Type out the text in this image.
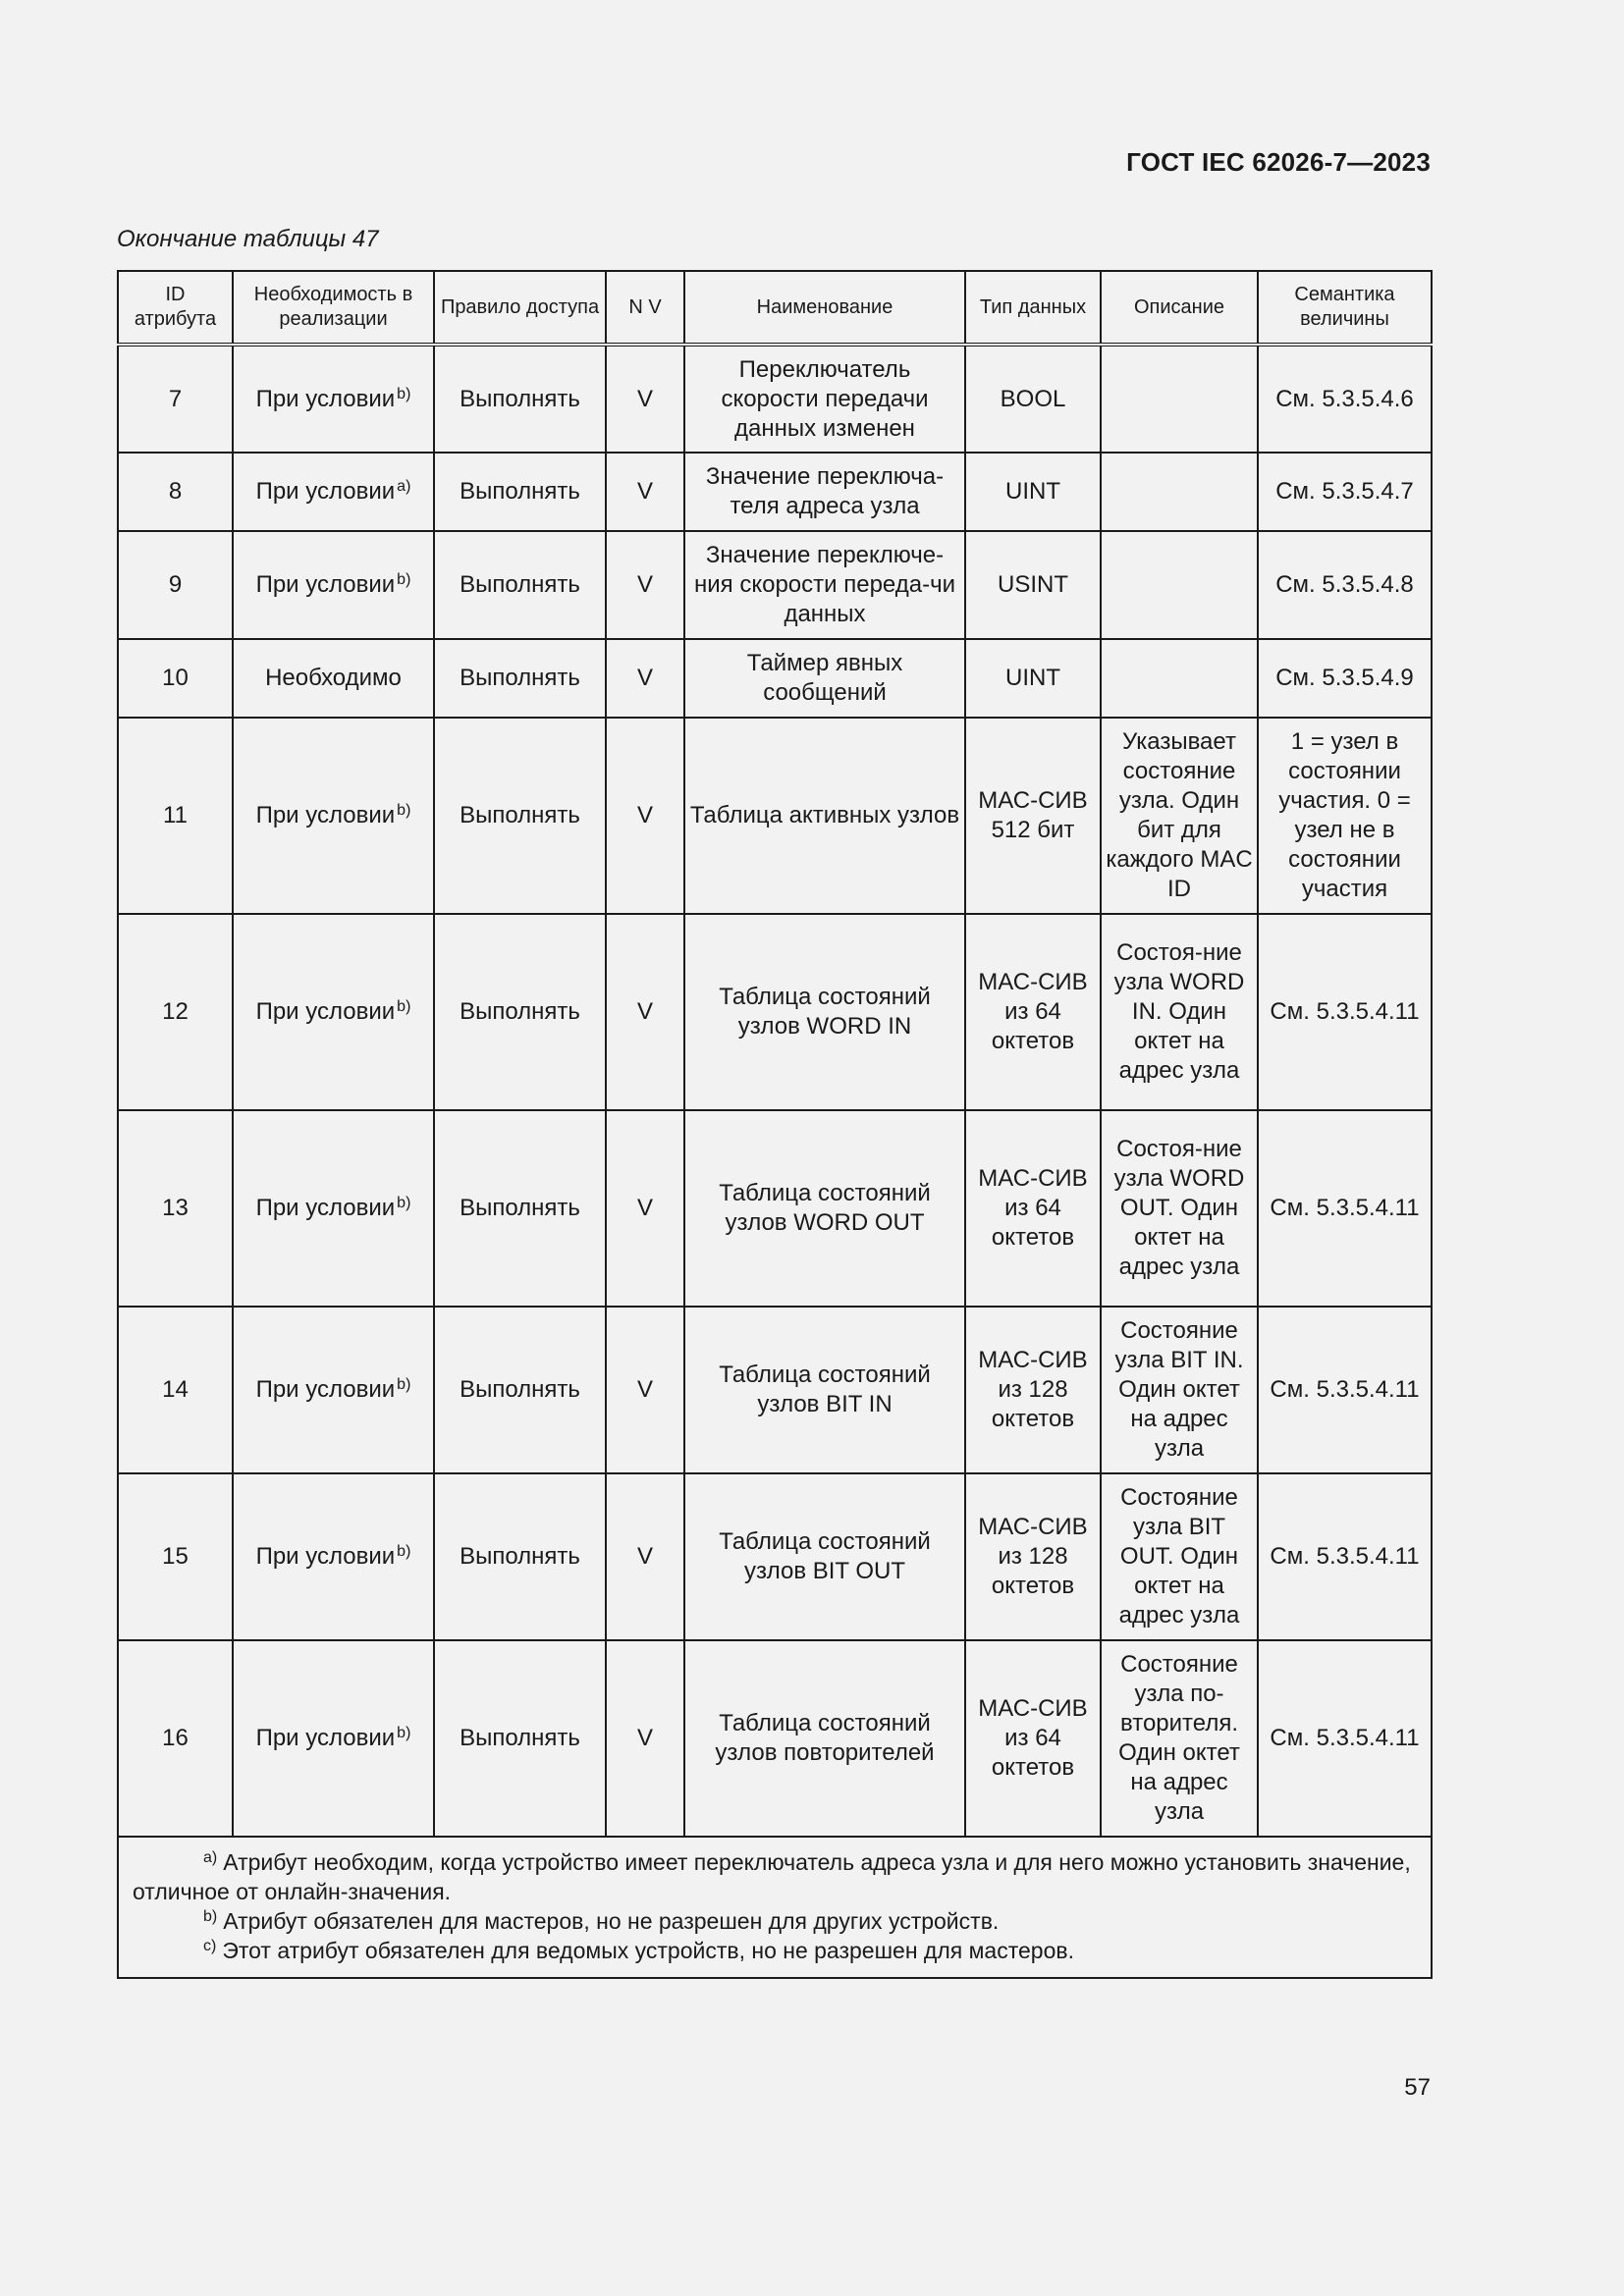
ГОСТ IEC 62026-7—2023
Окончание таблицы 47
ID атрибута	Необходимость в реализации	Правило доступа	N V	Наименование	Тип данных	Описание	Семантика величины
7	При условии $^{b)}$	Выполнять	V	Переключатель скорости передачи данных изменен	BOOL		См. 5.3.5.4.6
8	При условии $^{a)}$	Выполнять	V	Значение переключа-теля адреса узла	UINT		См. 5.3.5.4.7
9	При условии $^{b)}$	Выполнять	V	Значение переключе-ния скорости переда-чи данных	USINT		См. 5.3.5.4.8
10	Необходимо	Выполнять	V	Таймер явных сообщений	UINT		См. 5.3.5.4.9
11	При условии $^{b)}$	Выполнять	V	Таблица активных узлов	МАС-СИВ 512 бит	Указывает состояние узла. Один бит для каждого MAC ID	1 = узел в состоянии участия. 0 = узел не в состоянии участия
12	При условии $^{b)}$	Выполнять	V	Таблица состояний узлов WORD IN	МАС-СИВ из 64 октетов	Состоя-ние узла WORD IN. Один октет на адрес узла	См. 5.3.5.4.11
13	При условии $^{b)}$	Выполнять	V	Таблица состояний узлов WORD OUT	МАС-СИВ из 64 октетов	Состоя-ние узла WORD OUT. Один октет на адрес узла	См. 5.3.5.4.11
14	При условии $^{b)}$	Выполнять	V	Таблица состояний узлов BIT IN	МАС-СИВ из 128 октетов	Состояние узла BIT IN. Один октет на адрес узла	См. 5.3.5.4.11
15	При условии $^{b)}$	Выполнять	V	Таблица состояний узлов BIT OUT	МАС-СИВ из 128 октетов	Состояние узла BIT OUT. Один октет на адрес узла	См. 5.3.5.4.11
16	При условии $^{b)}$	Выполнять	V	Таблица состояний узлов повторителей	МАС-СИВ из 64 октетов	Состояние узла по-вторителя. Один октет на адрес узла	См. 5.3.5.4.11

$^{a)}$ Атрибут необходим, когда устройство имеет переключатель адреса узла и для него можно установить значение, отличное от онлайн-значения.
$^{b)}$ Атрибут обязателен для мастеров, но не разрешен для других устройств.
$^{c)}$ Этот атрибут обязателен для ведомых устройств, но не разрешен для мастеров.							
57
